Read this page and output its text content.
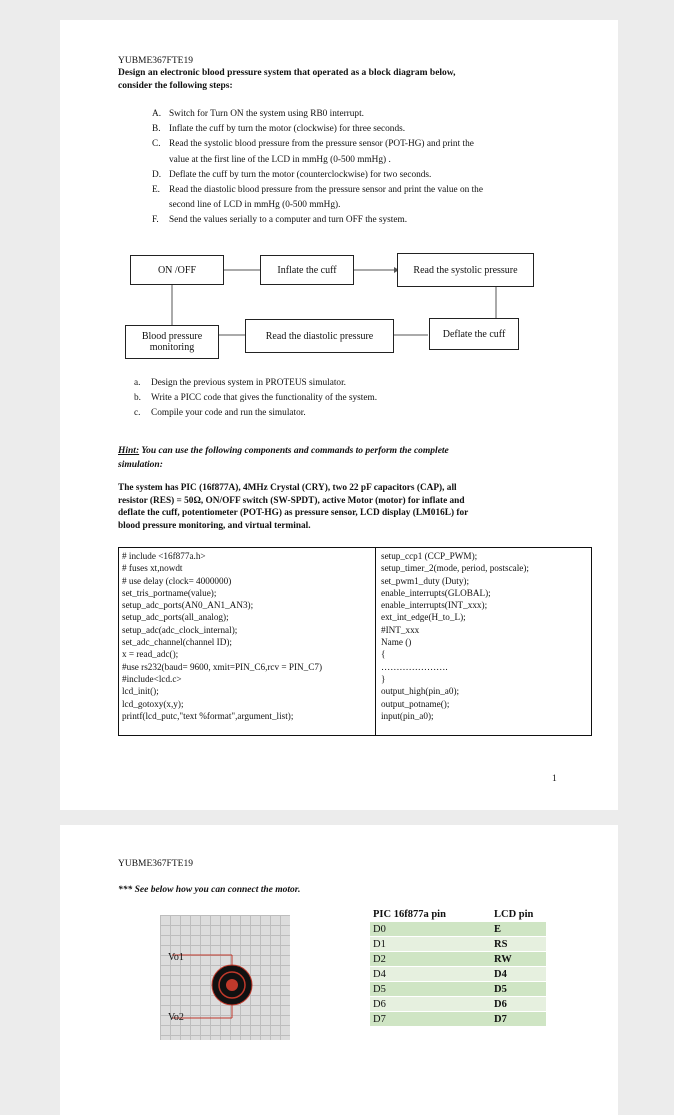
YUBME367FTE19
Design an electronic blood pressure system that operated as a block diagram below,
consider the following steps:
A. Switch for Turn ON the system using RB0 interrupt.
B. Inflate the cuff by turn the motor (clockwise) for three seconds.
C. Read the systolic blood pressure from the pressure sensor (POT-HG) and print the
value at the first line of the LCD in mmHg (0-500 mmHg) .
D. Deflate the cuff by turn the motor (counterclockwise) for two seconds.
E. Read the diastolic blood pressure from the pressure sensor and print the value on the
second line of LCD in mmHg (0-500 mmHg).
F. Send the values serially to a computer and turn OFF the system.
ON /OFF	Inflate the cuff	Read the systolic pressure
Deflate the cuff
Read the diastolic pressure
Blood pressure
monitoring
a. Design the previous system in PROTEUS simulator.
b. Write a PICC code that gives the functionality of the system.
c. Compile your code and run the simulator.
Hint: You can use the following components and commands to perform the complete
simulation:
The system has PIC (16f877A), 4MHz Crystal (CRY), two 22 pF capacitors (CAP), all
resistor (RES) = 50Ω, ON/OFF switch (SW-SPDT), active Motor (motor) for inflate and
deflate the cuff, potentiometer (POT-HG) as pressure sensor, LCD display (LM016L) for
blood pressure monitoring, and virtual terminal.
# include <16f877a.h>
# fuses xt,nowdt
# use delay (clock= 4000000)
set_tris_portname(value);
setup_adc_ports(AN0_AN1_AN3);
setup_adc_ports(all_analog);
setup_adc(adc_clock_internal);
set_adc_channel(channel ID);
x = read_adc();
#use rs232(baud= 9600, xmit=PIN_C6,rcv = PIN_C7)
#include<lcd.c>
lcd_init();
lcd_gotoxy(x,y);
printf(lcd_putc,"text %format",argument_list);
setup_ccp1 (CCP_PWM);
setup_timer_2(mode, period, postscale);
set_pwm1_duty (Duty);
enable_interrupts(GLOBAL);
enable_interrupts(INT_xxx);
ext_int_edge(H_to_L);
#INT_xxx
Name ()
{
………………….
}
output_high(pin_a0);
output_potname();
input(pin_a0);
1
YUBME367FTE19
*** See below how you can connect the motor.
Vo1
Vo2
PIC 16f877a pin	LCD pin
D0	E
D1	RS
D2	RW
D4	D4
D5	D5
D6	D6
D7	D7
